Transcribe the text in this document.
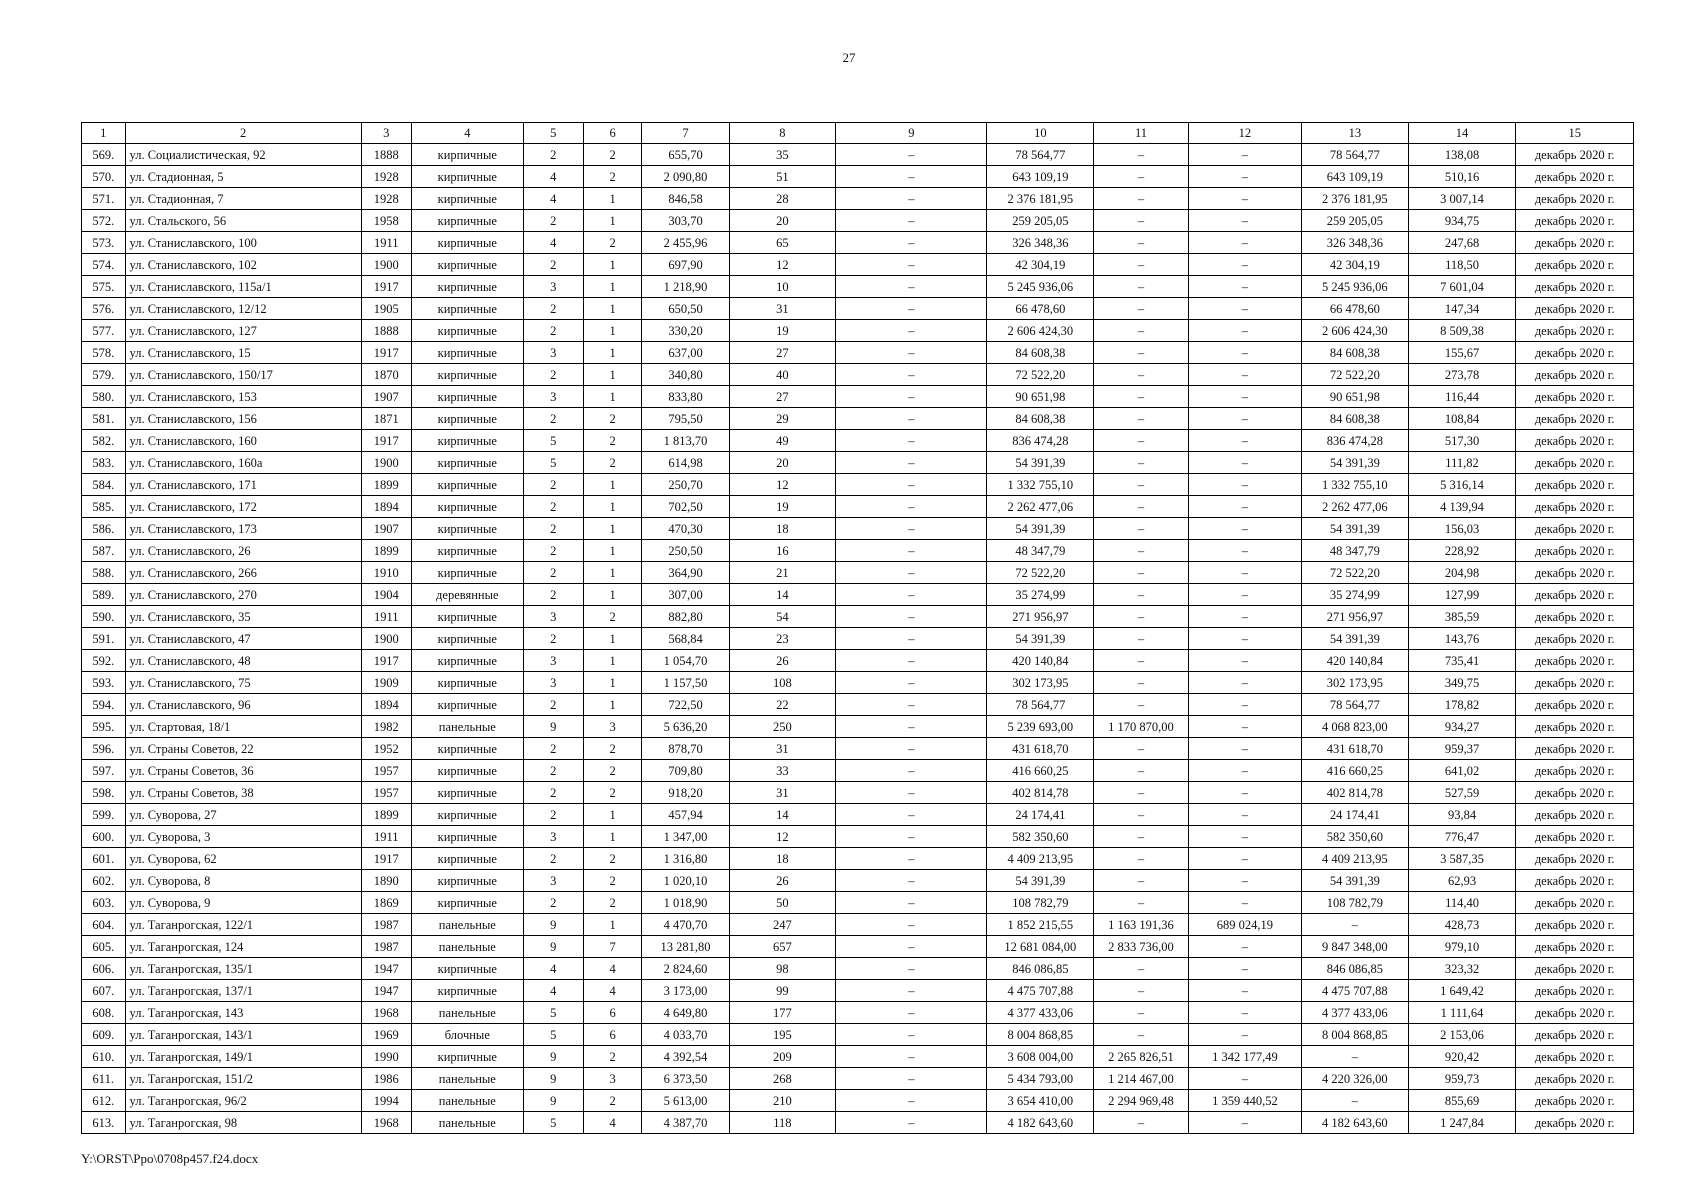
27
1	2	3	4	5	6	7	8	9	10	11	12	13	14	15
569.	ул. Социалистическая, 92	1888	кирпичные	2	2	655,70	35	–	78 564,77	–	–	78 564,77	138,08	декабрь 2020 г.
570.	ул. Стадионная, 5	1928	кирпичные	4	2	2 090,80	51	–	643 109,19	–	–	643 109,19	510,16	декабрь 2020 г.
571.	ул. Стадионная, 7	1928	кирпичные	4	1	846,58	28	–	2 376 181,95	–	–	2 376 181,95	3 007,14	декабрь 2020 г.
572.	ул. Стальского, 56	1958	кирпичные	2	1	303,70	20	–	259 205,05	–	–	259 205,05	934,75	декабрь 2020 г.
573.	ул. Станиславского, 100	1911	кирпичные	4	2	2 455,96	65	–	326 348,36	–	–	326 348,36	247,68	декабрь 2020 г.
574.	ул. Станиславского, 102	1900	кирпичные	2	1	697,90	12	–	42 304,19	–	–	42 304,19	118,50	декабрь 2020 г.
575.	ул. Станиславского, 115а/1	1917	кирпичные	3	1	1 218,90	10	–	5 245 936,06	–	–	5 245 936,06	7 601,04	декабрь 2020 г.
576.	ул. Станиславского, 12/12	1905	кирпичные	2	1	650,50	31	–	66 478,60	–	–	66 478,60	147,34	декабрь 2020 г.
577.	ул. Станиславского, 127	1888	кирпичные	2	1	330,20	19	–	2 606 424,30	–	–	2 606 424,30	8 509,38	декабрь 2020 г.
578.	ул. Станиславского, 15	1917	кирпичные	3	1	637,00	27	–	84 608,38	–	–	84 608,38	155,67	декабрь 2020 г.
579.	ул. Станиславского, 150/17	1870	кирпичные	2	1	340,80	40	–	72 522,20	–	–	72 522,20	273,78	декабрь 2020 г.
580.	ул. Станиславского, 153	1907	кирпичные	3	1	833,80	27	–	90 651,98	–	–	90 651,98	116,44	декабрь 2020 г.
581.	ул. Станиславского, 156	1871	кирпичные	2	2	795,50	29	–	84 608,38	–	–	84 608,38	108,84	декабрь 2020 г.
582.	ул. Станиславского, 160	1917	кирпичные	5	2	1 813,70	49	–	836 474,28	–	–	836 474,28	517,30	декабрь 2020 г.
583.	ул. Станиславского, 160а	1900	кирпичные	5	2	614,98	20	–	54 391,39	–	–	54 391,39	111,82	декабрь 2020 г.
584.	ул. Станиславского, 171	1899	кирпичные	2	1	250,70	12	–	1 332 755,10	–	–	1 332 755,10	5 316,14	декабрь 2020 г.
585.	ул. Станиславского, 172	1894	кирпичные	2	1	702,50	19	–	2 262 477,06	–	–	2 262 477,06	4 139,94	декабрь 2020 г.
586.	ул. Станиславского, 173	1907	кирпичные	2	1	470,30	18	–	54 391,39	–	–	54 391,39	156,03	декабрь 2020 г.
587.	ул. Станиславского, 26	1899	кирпичные	2	1	250,50	16	–	48 347,79	–	–	48 347,79	228,92	декабрь 2020 г.
588.	ул. Станиславского, 266	1910	кирпичные	2	1	364,90	21	–	72 522,20	–	–	72 522,20	204,98	декабрь 2020 г.
589.	ул. Станиславского, 270	1904	деревянные	2	1	307,00	14	–	35 274,99	–	–	35 274,99	127,99	декабрь 2020 г.
590.	ул. Станиславского, 35	1911	кирпичные	3	2	882,80	54	–	271 956,97	–	–	271 956,97	385,59	декабрь 2020 г.
591.	ул. Станиславского, 47	1900	кирпичные	2	1	568,84	23	–	54 391,39	–	–	54 391,39	143,76	декабрь 2020 г.
592.	ул. Станиславского, 48	1917	кирпичные	3	1	1 054,70	26	–	420 140,84	–	–	420 140,84	735,41	декабрь 2020 г.
593.	ул. Станиславского, 75	1909	кирпичные	3	1	1 157,50	108	–	302 173,95	–	–	302 173,95	349,75	декабрь 2020 г.
594.	ул. Станиславского, 96	1894	кирпичные	2	1	722,50	22	–	78 564,77	–	–	78 564,77	178,82	декабрь 2020 г.
595.	ул. Стартовая, 18/1	1982	панельные	9	3	5 636,20	250	–	5 239 693,00	1 170 870,00	–	4 068 823,00	934,27	декабрь 2020 г.
596.	ул. Страны Советов, 22	1952	кирпичные	2	2	878,70	31	–	431 618,70	–	–	431 618,70	959,37	декабрь 2020 г.
597.	ул. Страны Советов, 36	1957	кирпичные	2	2	709,80	33	–	416 660,25	–	–	416 660,25	641,02	декабрь 2020 г.
598.	ул. Страны Советов, 38	1957	кирпичные	2	2	918,20	31	–	402 814,78	–	–	402 814,78	527,59	декабрь 2020 г.
599.	ул. Суворова, 27	1899	кирпичные	2	1	457,94	14	–	24 174,41	–	–	24 174,41	93,84	декабрь 2020 г.
600.	ул. Суворова, 3	1911	кирпичные	3	1	1 347,00	12	–	582 350,60	–	–	582 350,60	776,47	декабрь 2020 г.
601.	ул. Суворова, 62	1917	кирпичные	2	2	1 316,80	18	–	4 409 213,95	–	–	4 409 213,95	3 587,35	декабрь 2020 г.
602.	ул. Суворова, 8	1890	кирпичные	3	2	1 020,10	26	–	54 391,39	–	–	54 391,39	62,93	декабрь 2020 г.
603.	ул. Суворова, 9	1869	кирпичные	2	2	1 018,90	50	–	108 782,79	–	–	108 782,79	114,40	декабрь 2020 г.
604.	ул. Таганрогская, 122/1	1987	панельные	9	1	4 470,70	247	–	1 852 215,55	1 163 191,36	689 024,19	–	428,73	декабрь 2020 г.
605.	ул. Таганрогская, 124	1987	панельные	9	7	13 281,80	657	–	12 681 084,00	2 833 736,00	–	9 847 348,00	979,10	декабрь 2020 г.
606.	ул. Таганрогская, 135/1	1947	кирпичные	4	4	2 824,60	98	–	846 086,85	–	–	846 086,85	323,32	декабрь 2020 г.
607.	ул. Таганрогская, 137/1	1947	кирпичные	4	4	3 173,00	99	–	4 475 707,88	–	–	4 475 707,88	1 649,42	декабрь 2020 г.
608.	ул. Таганрогская, 143	1968	панельные	5	6	4 649,80	177	–	4 377 433,06	–	–	4 377 433,06	1 111,64	декабрь 2020 г.
609.	ул. Таганрогская, 143/1	1969	блочные	5	6	4 033,70	195	–	8 004 868,85	–	–	8 004 868,85	2 153,06	декабрь 2020 г.
610.	ул. Таганрогская, 149/1	1990	кирпичные	9	2	4 392,54	209	–	3 608 004,00	2 265 826,51	1 342 177,49	–	920,42	декабрь 2020 г.
611.	ул. Таганрогская, 151/2	1986	панельные	9	3	6 373,50	268	–	5 434 793,00	1 214 467,00	–	4 220 326,00	959,73	декабрь 2020 г.
612.	ул. Таганрогская, 96/2	1994	панельные	9	2	5 613,00	210	–	3 654 410,00	2 294 969,48	1 359 440,52	–	855,69	декабрь 2020 г.
613.	ул. Таганрогская, 98	1968	панельные	5	4	4 387,70	118	–	4 182 643,60	–	–	4 182 643,60	1 247,84	декабрь 2020 г.
Y:\ORST\Ppo\0708p457.f24.docx
